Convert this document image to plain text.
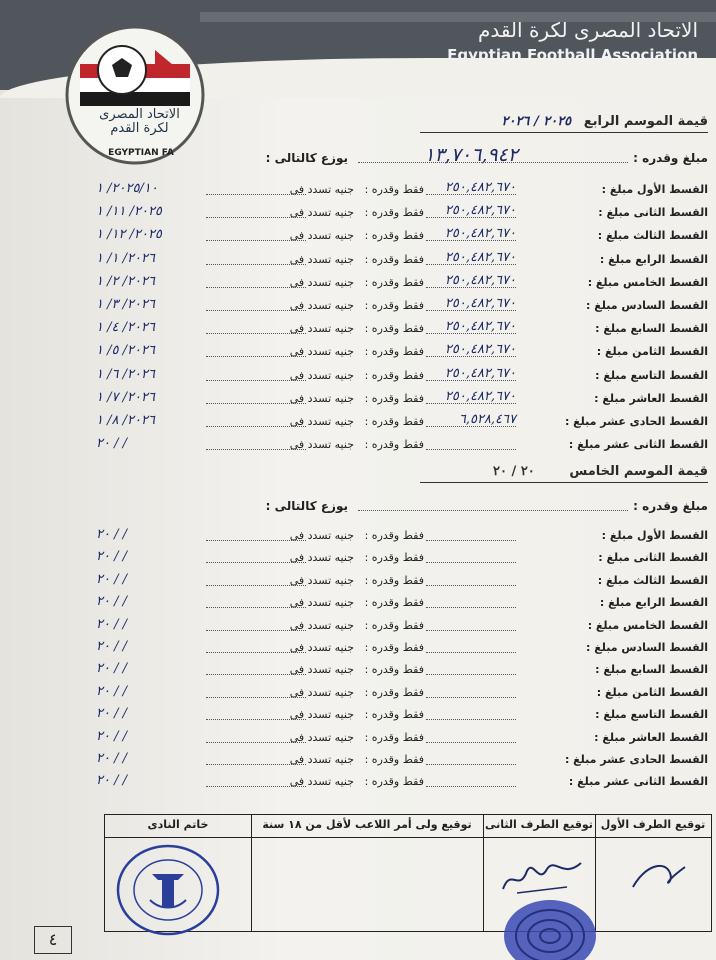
الاتحاد المصرى لكرة القدم
Egyptian Football Association
الاتحاد المصرى لكرة القدم
EGYPTIAN FA
قيمة الموسم الرابع ٢٠٢٥ / ٢٠٢٦
مبلغ وقدره :
١٣,٧٠٦,٩٤٢
يوزع كالتالى :
القسط الأول مبلغ :
٢٥٠,٤٨٢,٦٧٠
فقط وقدره :
جنيه تسدد فى
٢٠٢٥/١٠/ ١
القسط الثانى مبلغ :
٢٥٠,٤٨٢,٦٧٠
فقط وقدره :
جنيه تسدد فى
٢٠٢٥/ ١١/ ١
القسط الثالث مبلغ :
٢٥٠,٤٨٢,٦٧٠
فقط وقدره :
جنيه تسدد فى
٢٠٢٥/ ١٢/ ١
القسط الرابع مبلغ :
٢٥٠,٤٨٢,٦٧٠
فقط وقدره :
جنيه تسدد فى
٢٠٢٦/ ١/ ١
القسط الخامس مبلغ :
٢٥٠,٤٨٢,٦٧٠
فقط وقدره :
جنيه تسدد فى
٢٠٢٦/ ٢/ ١
القسط السادس مبلغ :
٢٥٠,٤٨٢,٦٧٠
فقط وقدره :
جنيه تسدد فى
٢٠٢٦/ ٣/ ١
القسط السابع مبلغ :
٢٥٠,٤٨٢,٦٧٠
فقط وقدره :
جنيه تسدد فى
٢٠٢٦/ ٤/ ١
القسط الثامن مبلغ :
٢٥٠,٤٨٢,٦٧٠
فقط وقدره :
جنيه تسدد فى
٢٠٢٦/ ٥/ ١
القسط التاسع مبلغ :
٢٥٠,٤٨٢,٦٧٠
فقط وقدره :
جنيه تسدد فى
٢٠٢٦/ ٦/ ١
القسط العاشر مبلغ :
٢٥٠,٤٨٢,٦٧٠
فقط وقدره :
جنيه تسدد فى
٢٠٢٦/ ٧/ ١
القسط الحادى عشر مبلغ :
٦,٥٢٨,٤٦٧
فقط وقدره :
جنيه تسدد فى
٢٠٢٦/ ٨/ ١
القسط الثانى عشر مبلغ :
فقط وقدره :
جنيه تسدد فى
٢٠ / /
قيمة الموسم الخامس ٢٠ / ٢٠
مبلغ وقدره :
يوزع كالتالى :
القسط الأول مبلغ :
فقط وقدره :
جنيه تسدد فى
٢٠ / /
القسط الثانى مبلغ :
فقط وقدره :
جنيه تسدد فى
٢٠ / /
القسط الثالث مبلغ :
فقط وقدره :
جنيه تسدد فى
٢٠ / /
القسط الرابع مبلغ :
فقط وقدره :
جنيه تسدد فى
٢٠ / /
القسط الخامس مبلغ :
فقط وقدره :
جنيه تسدد فى
٢٠ / /
القسط السادس مبلغ :
فقط وقدره :
جنيه تسدد فى
٢٠ / /
القسط السابع مبلغ :
فقط وقدره :
جنيه تسدد فى
٢٠ / /
القسط الثامن مبلغ :
فقط وقدره :
جنيه تسدد فى
٢٠ / /
القسط التاسع مبلغ :
فقط وقدره :
جنيه تسدد فى
٢٠ / /
القسط العاشر مبلغ :
فقط وقدره :
جنيه تسدد فى
٢٠ / /
القسط الحادى عشر مبلغ :
فقط وقدره :
جنيه تسدد فى
٢٠ / /
القسط الثانى عشر مبلغ :
فقط وقدره :
جنيه تسدد فى
٢٠ / /
توقيع الطرف الأول
توقيع الطرف الثانى
توقيع ولى أمر اللاعب لأقل من ١٨ سنة
خاتم النادى
٤
